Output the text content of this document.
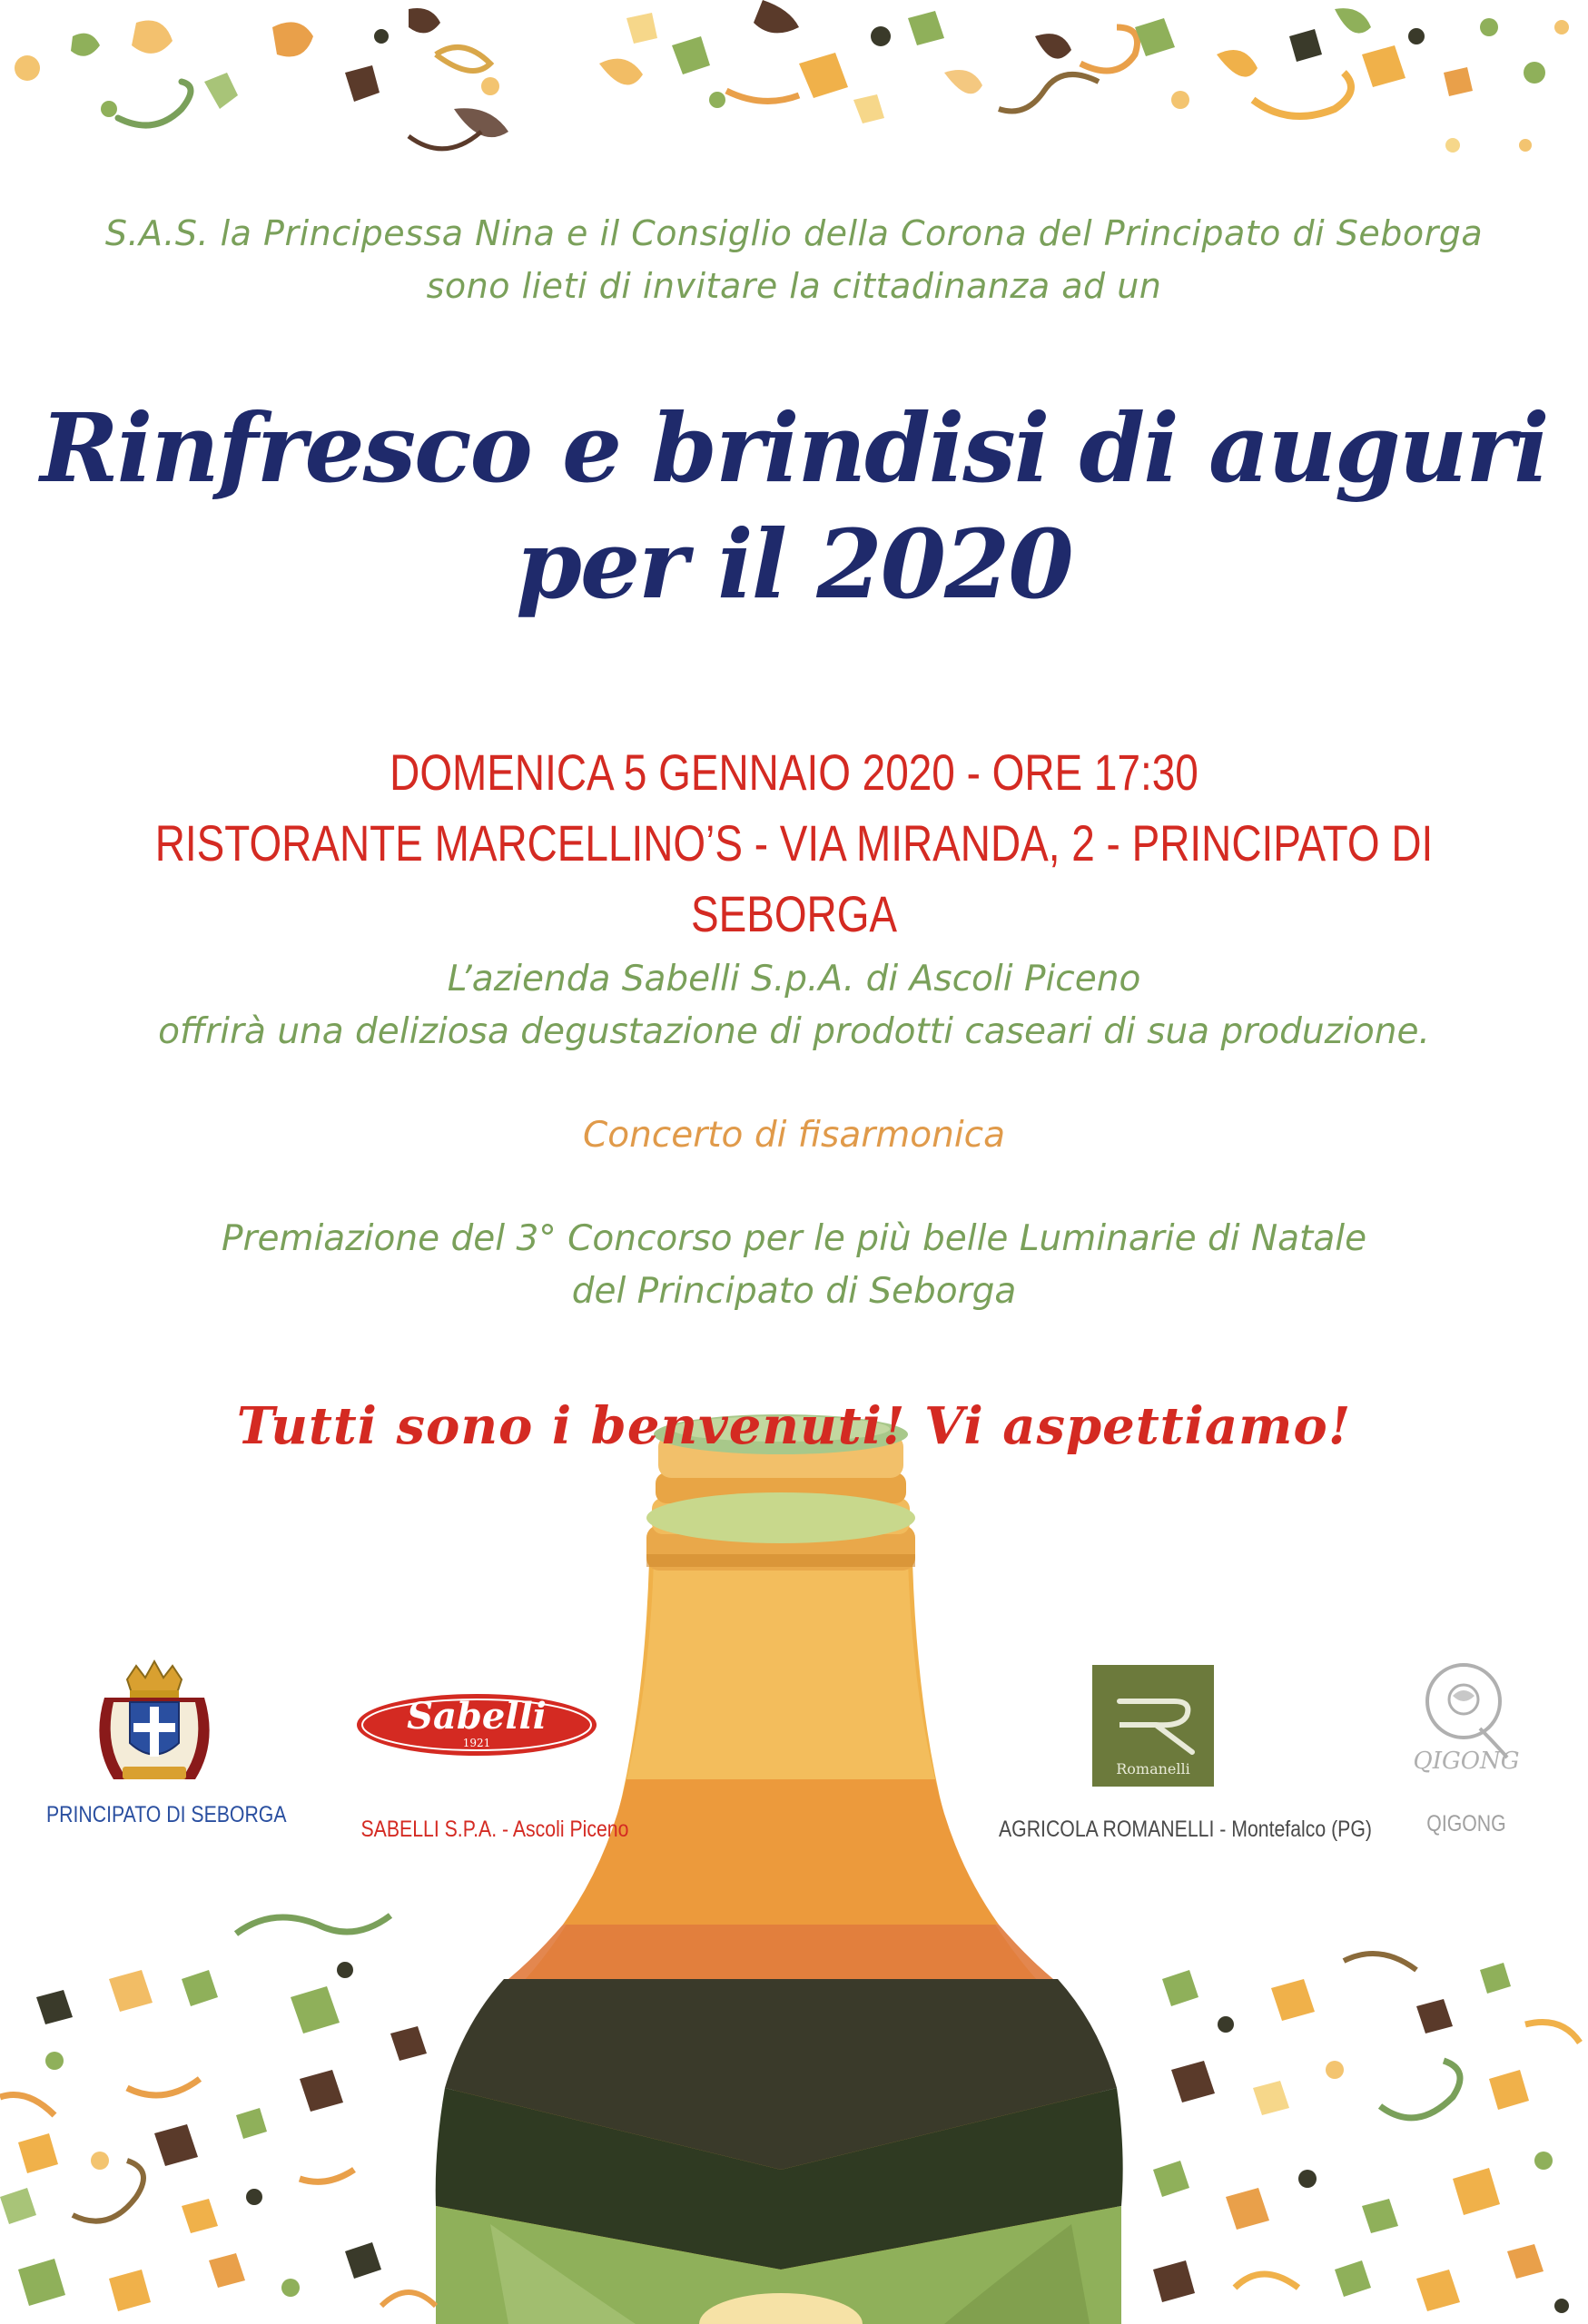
S.A.S. la Principessa Nina e il Consiglio della Corona del Principato di Seborga
sono lieti di invitare la cittadinanza ad un
Rinfresco e brindisi di auguri
per il 2020
DOMENICA 5 GENNAIO 2020 - ORE 17:30
RISTORANTE MARCELLINO’S - VIA MIRANDA, 2 - PRINCIPATO DI SEBORGA
L’azienda Sabelli S.p.A. di Ascoli Piceno
offrirà una deliziosa degustazione di prodotti caseari di sua produzione.
Concerto di fisarmonica
Premiazione del 3° Concorso per le più belle Luminarie di Natale
del Principato di Seborga
Tutti sono i benvenuti! Vi aspettiamo!
PRINCIPATO DI SEBORGA
Sabelli
1921
SABELLI S.P.A. - Ascoli Piceno
Romanelli
AGRICOLA ROMANELLI - Montefalco (PG)
QIGONG
QIGONG
